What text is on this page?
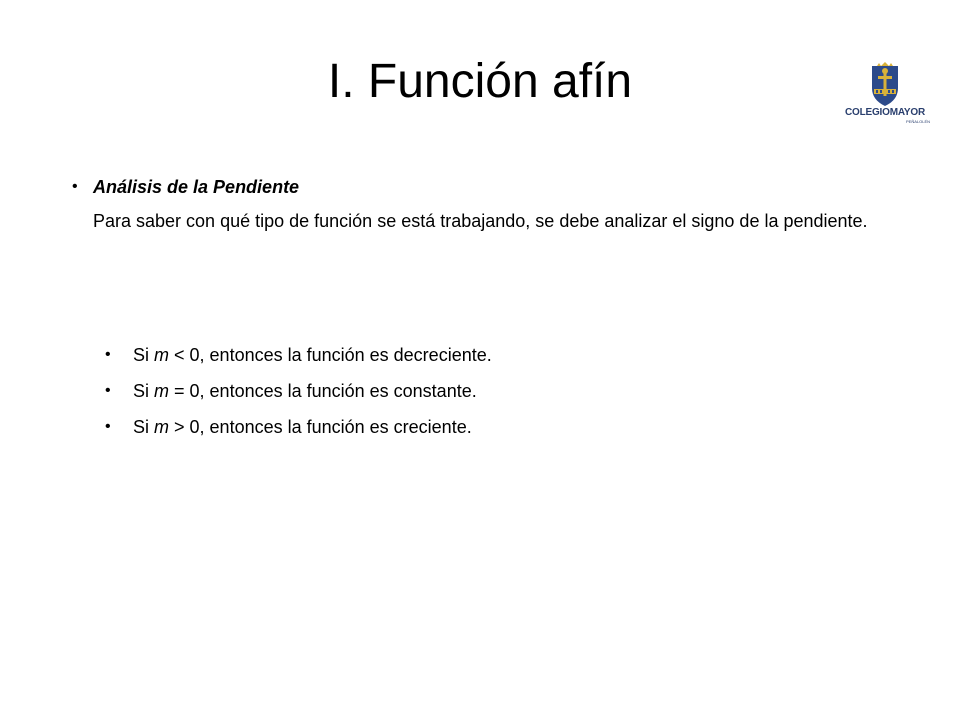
I. Función afín
COLEGIOMAYOR
PEÑALOLÉN
• Análisis de la Pendiente
Para saber con qué tipo de función se está trabajando, se debe analizar el signo de la pendiente.
• Si m < 0, entonces la función es decreciente.
• Si m = 0, entonces la función es constante.
• Si m > 0, entonces la función es creciente.
